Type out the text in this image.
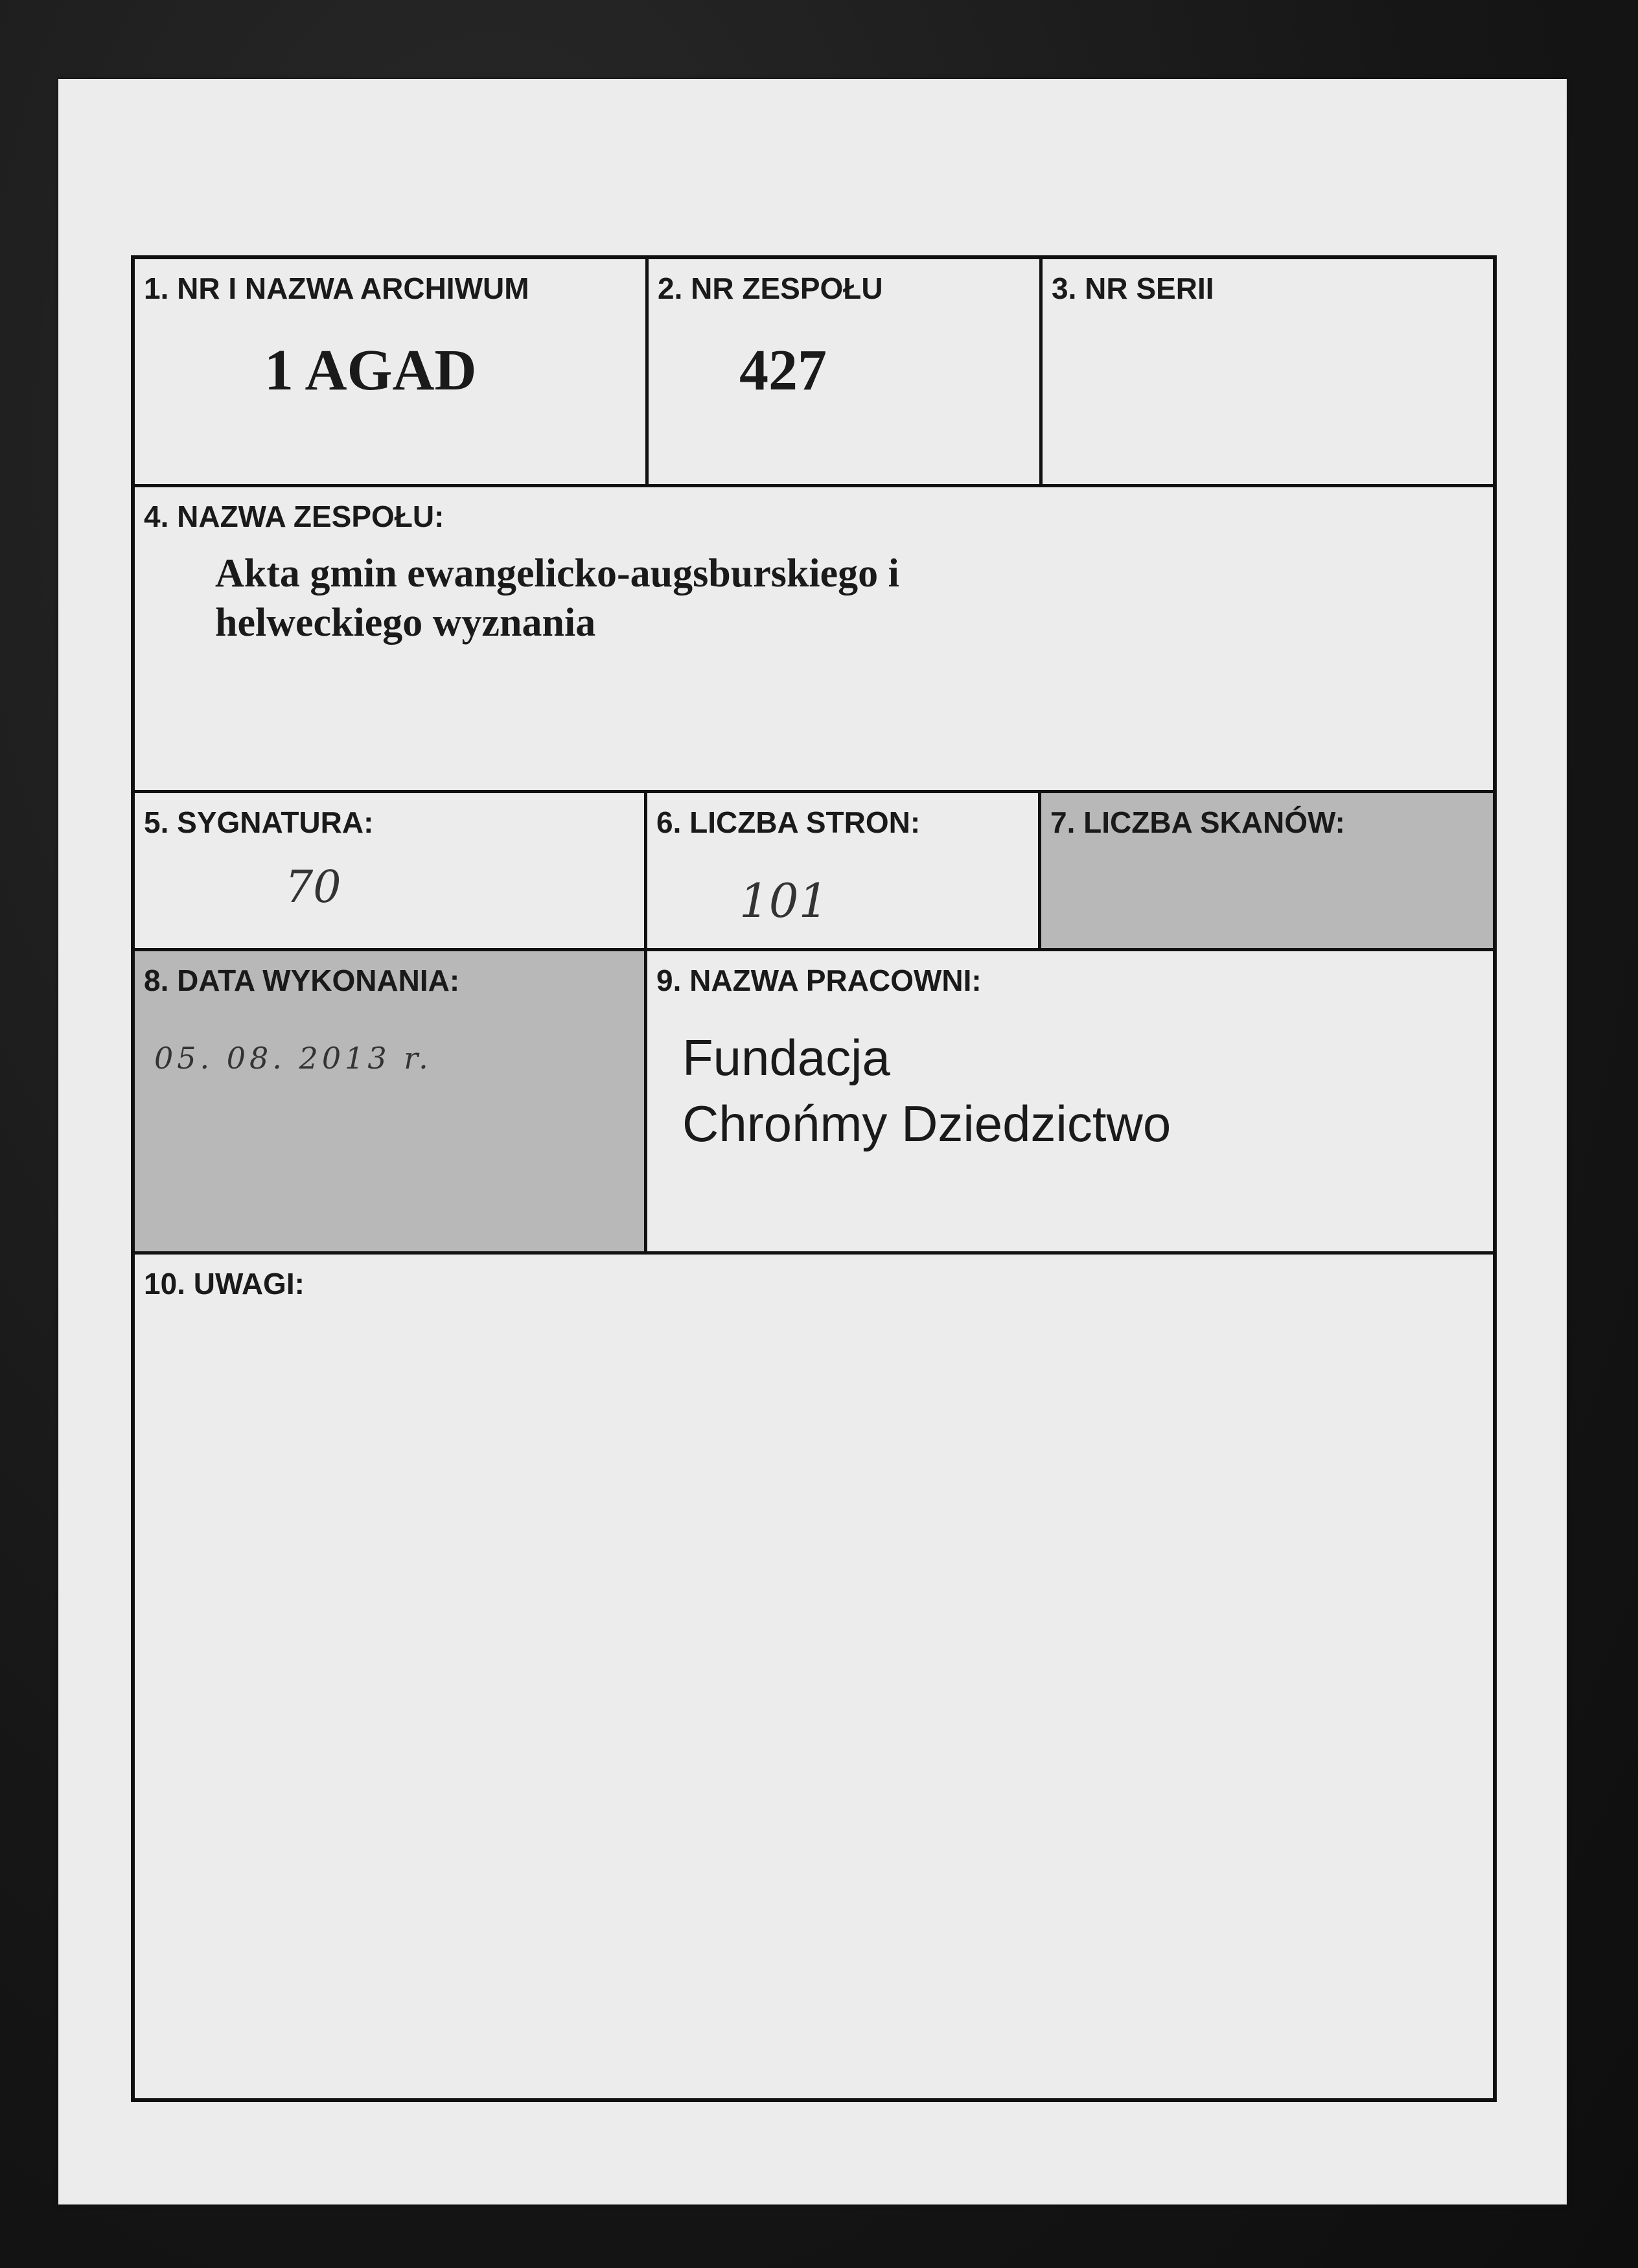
1. NR I NAZWA ARCHIWUM
1 AGAD
2. NR ZESPOŁU
427
3. NR SERII
4. NAZWA ZESPOŁU:
Akta gmin ewangelicko-augsburskiego i
helweckiego wyznania
5. SYGNATURA:
70
6. LICZBA STRON:
101
7. LICZBA SKANÓW:
8. DATA WYKONANIA:
05. 08. 2013 r.
9. NAZWA PRACOWNI:
Fundacja
Chrońmy Dziedzictwo
10. UWAGI:
